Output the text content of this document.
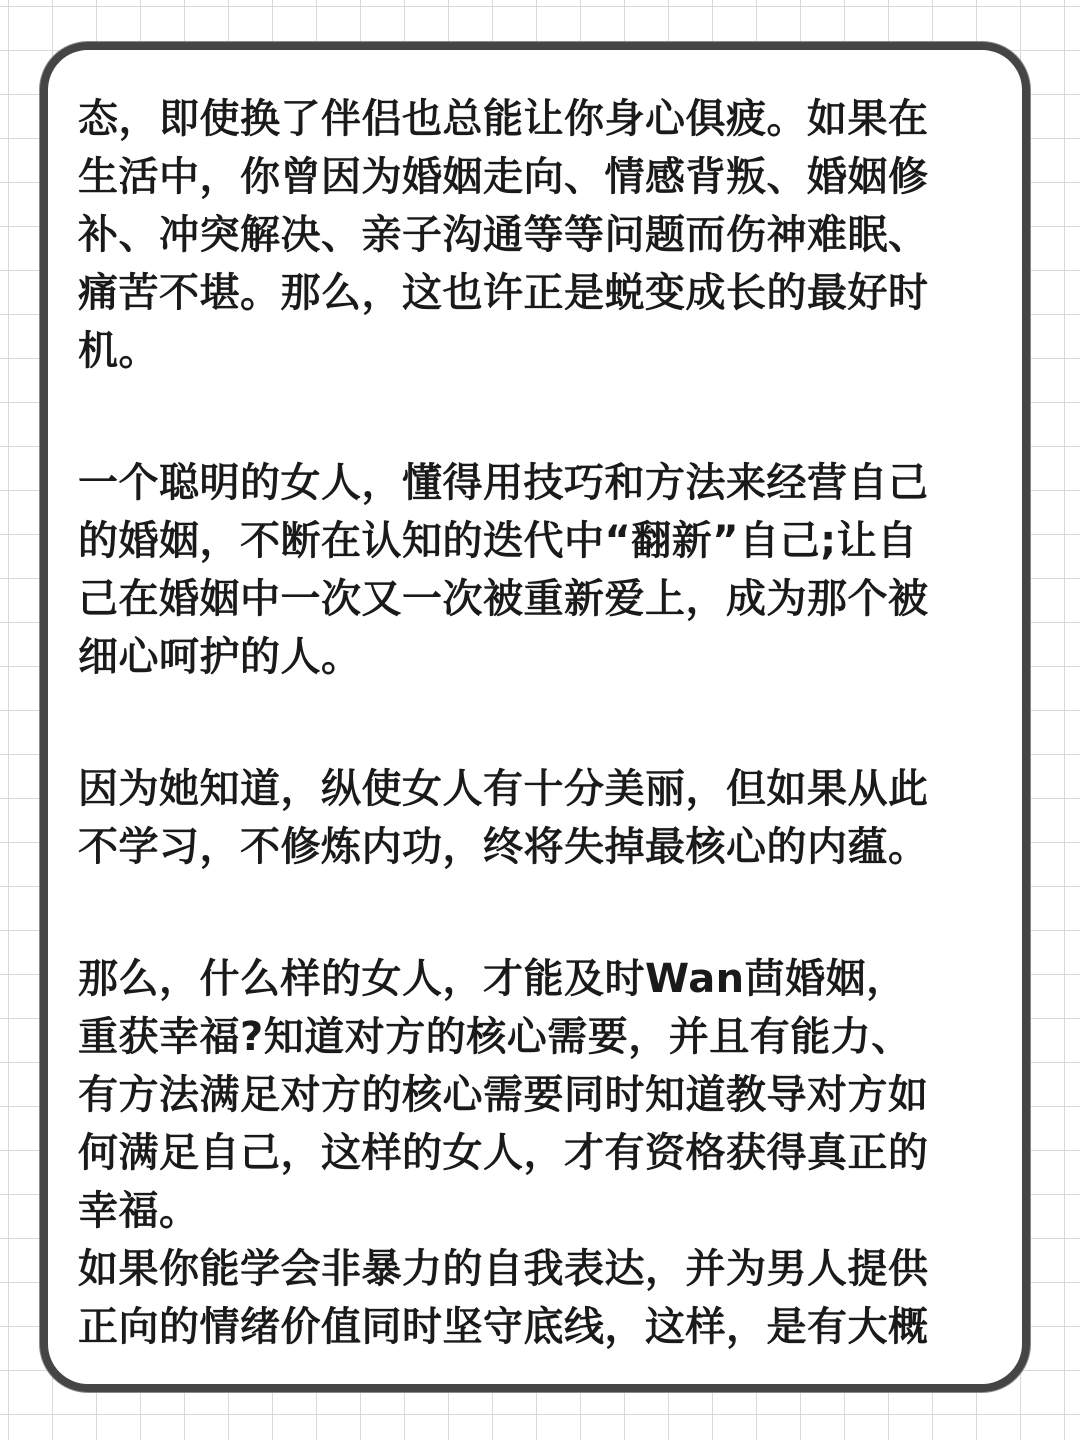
态，即使换了伴侣也总能让你身心俱疲。如果在
生活中，你曾因为婚姻走向、情感背叛、婚姻修
补、冲突解决、亲子沟通等等问题而伤神难眠、
痛苦不堪。那么，这也许正是蜕变成长的最好时
机。
一个聪明的女人，懂得用技巧和方法来经营自己
的婚姻，不断在认知的迭代中“翻新”自己;让自
己在婚姻中一次又一次被重新爱上，成为那个被
细心呵护的人。
因为她知道，纵使女人有十分美丽，但如果从此
不学习，不修炼内功，终将失掉最核心的内蕴。
那么，什么样的女人，才能及时Wan茴婚姻，
重获幸福?知道对方的核心需要，并且有能力、
有方法满足对方的核心需要同时知道教导对方如
何满足自己，这样的女人，才有资格获得真正的
幸福。
如果你能学会非暴力的自我表达，并为男人提供
正向的情绪价值同时坚守底线，这样，是有大概
